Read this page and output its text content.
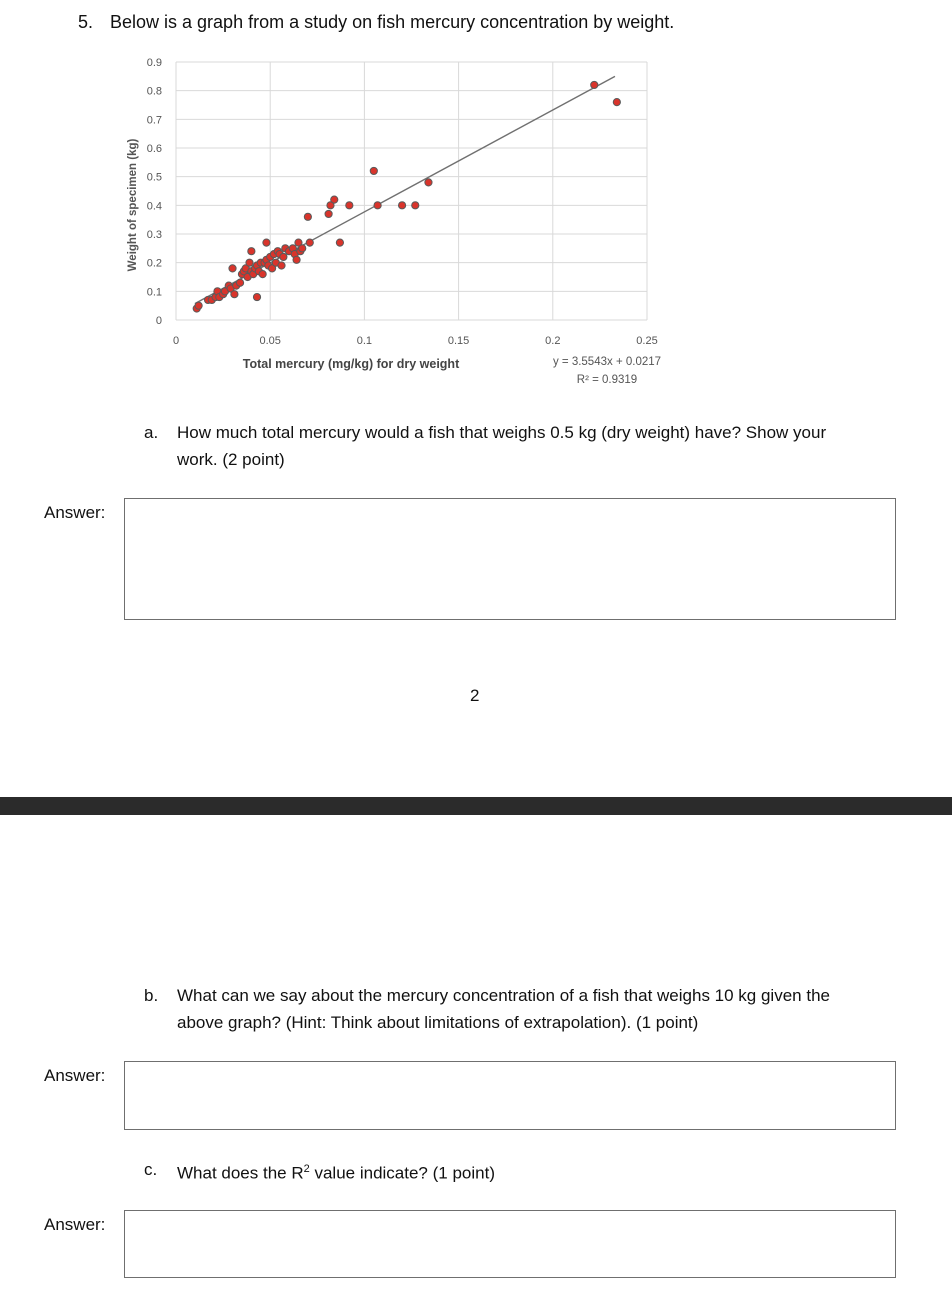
5. Below is a graph from a study on fish mercury concentration by weight.
0
0.1
0.2
0.3
0.4
0.5
0.6
0.7
0.8
0.9
0	0.05	0.1	0.15	0.2	0.25
Weight of specimen (kg)
Total mercury (mg/kg) for dry weight	y = 3.5543x + 0.0217
R² = 0.9319
a. How much total mercury would a fish that weighs 0.5 kg (dry weight) have? Show your
work. (2 point)
Answer:
2
b. What can we say about the mercury concentration of a fish that weighs 10 kg given the
above graph? (Hint: Think about limitations of extrapolation). (1 point)
Answer:
c. What does the $R^2$ value indicate? (1 point)
Answer:
